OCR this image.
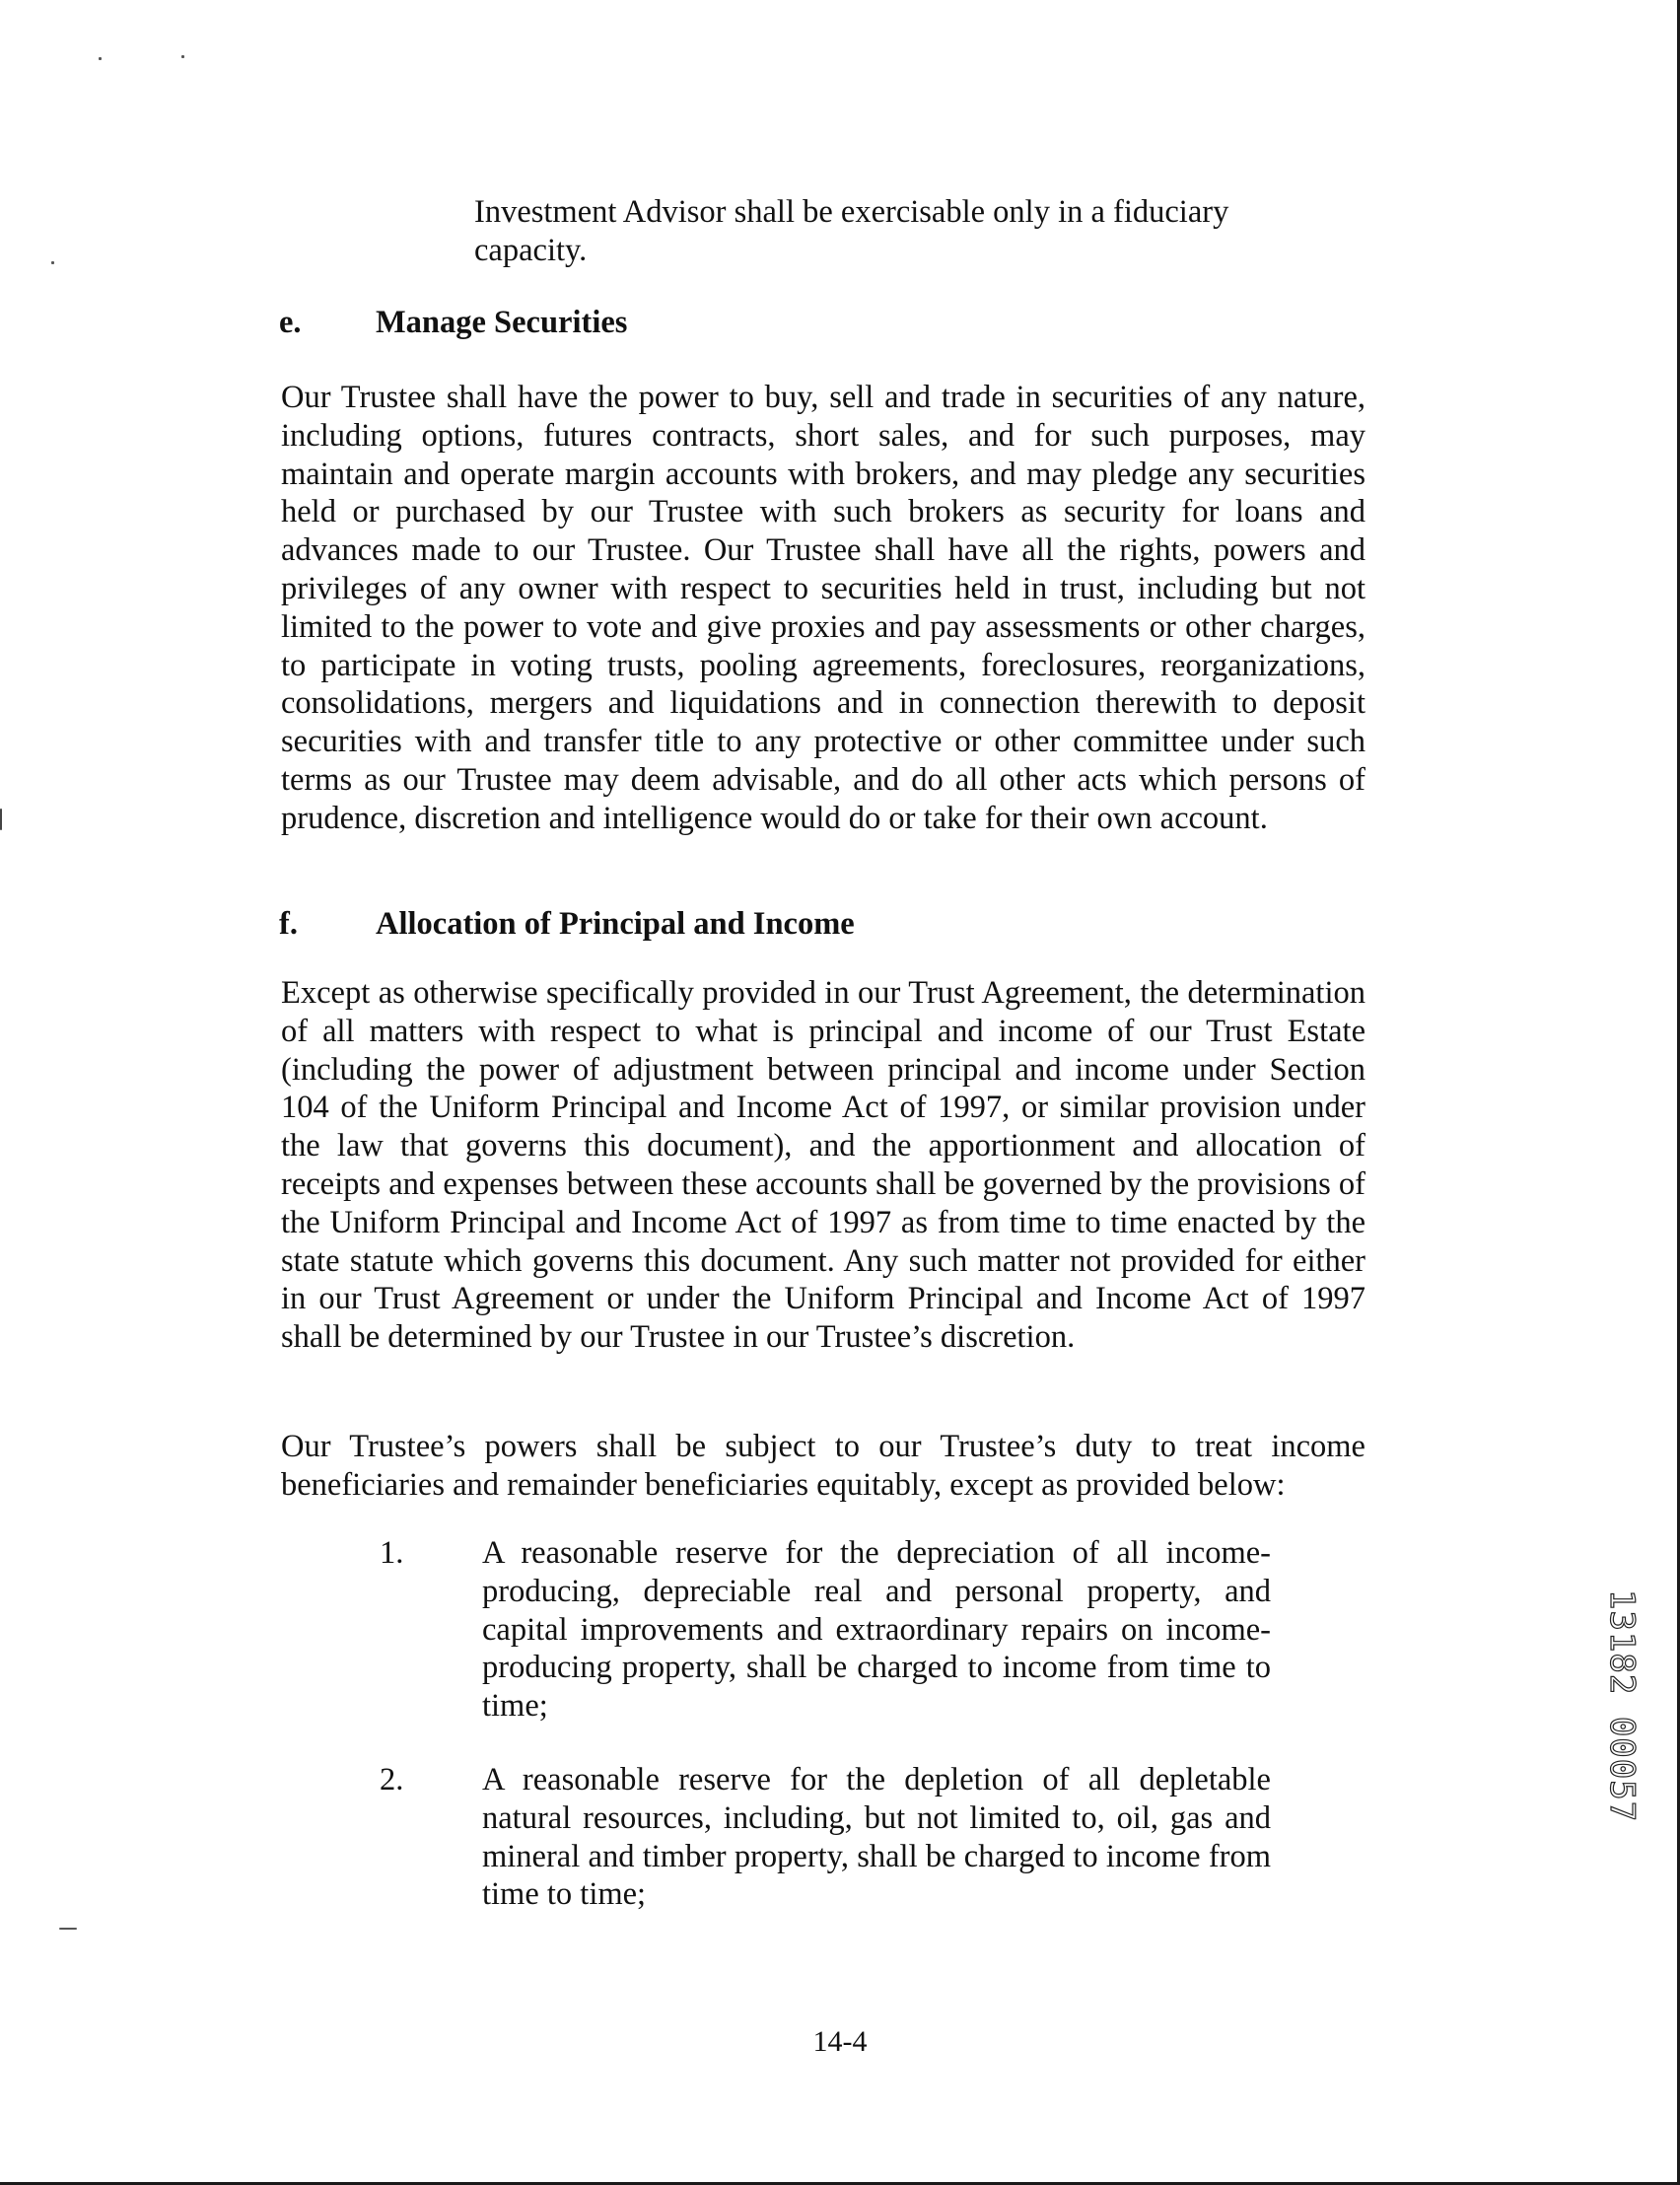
Investment Advisor shall be exercisable only in a fiduciary capacity.
e. Manage Securities
Our Trustee shall have the power to buy, sell and trade in securities of any nature, including options, futures contracts, short sales, and for such purposes, may maintain and operate margin accounts with brokers, and may pledge any securities held or purchased by our Trustee with such brokers as security for loans and advances made to our Trustee. Our Trustee shall have all the rights, powers and privileges of any owner with respect to securities held in trust, including but not limited to the power to vote and give proxies and pay assessments or other charges, to participate in voting trusts, pooling agreements, foreclosures, reorganizations, consolidations, mergers and liquidations and in connection therewith to deposit securities with and transfer title to any protective or other committee under such terms as our Trustee may deem advisable, and do all other acts which persons of prudence, discretion and intelligence would do or take for their own account.
f. Allocation of Principal and Income
Except as otherwise specifically provided in our Trust Agreement, the determination of all matters with respect to what is principal and income of our Trust Estate (including the power of adjustment between principal and income under Section 104 of the Uniform Principal and Income Act of 1997, or similar provision under the law that governs this document), and the apportionment and allocation of receipts and expenses between these accounts shall be governed by the provisions of the Uniform Principal and Income Act of 1997 as from time to time enacted by the state statute which governs this document. Any such matter not provided for either in our Trust Agreement or under the Uniform Principal and Income Act of 1997 shall be determined by our Trustee in our Trustee’s discretion.
Our Trustee’s powers shall be subject to our Trustee’s duty to treat income beneficiaries and remainder beneficiaries equitably, except as provided below:
1. A reasonable reserve for the depreciation of all income-producing, depreciable real and personal property, and capital improvements and extraordinary repairs on income-producing property, shall be charged to income from time to time;
2. A reasonable reserve for the depletion of all depletable natural resources, including, but not limited to, oil, gas and mineral and timber property, shall be charged to income from time to time;
14-4
13182 00057
